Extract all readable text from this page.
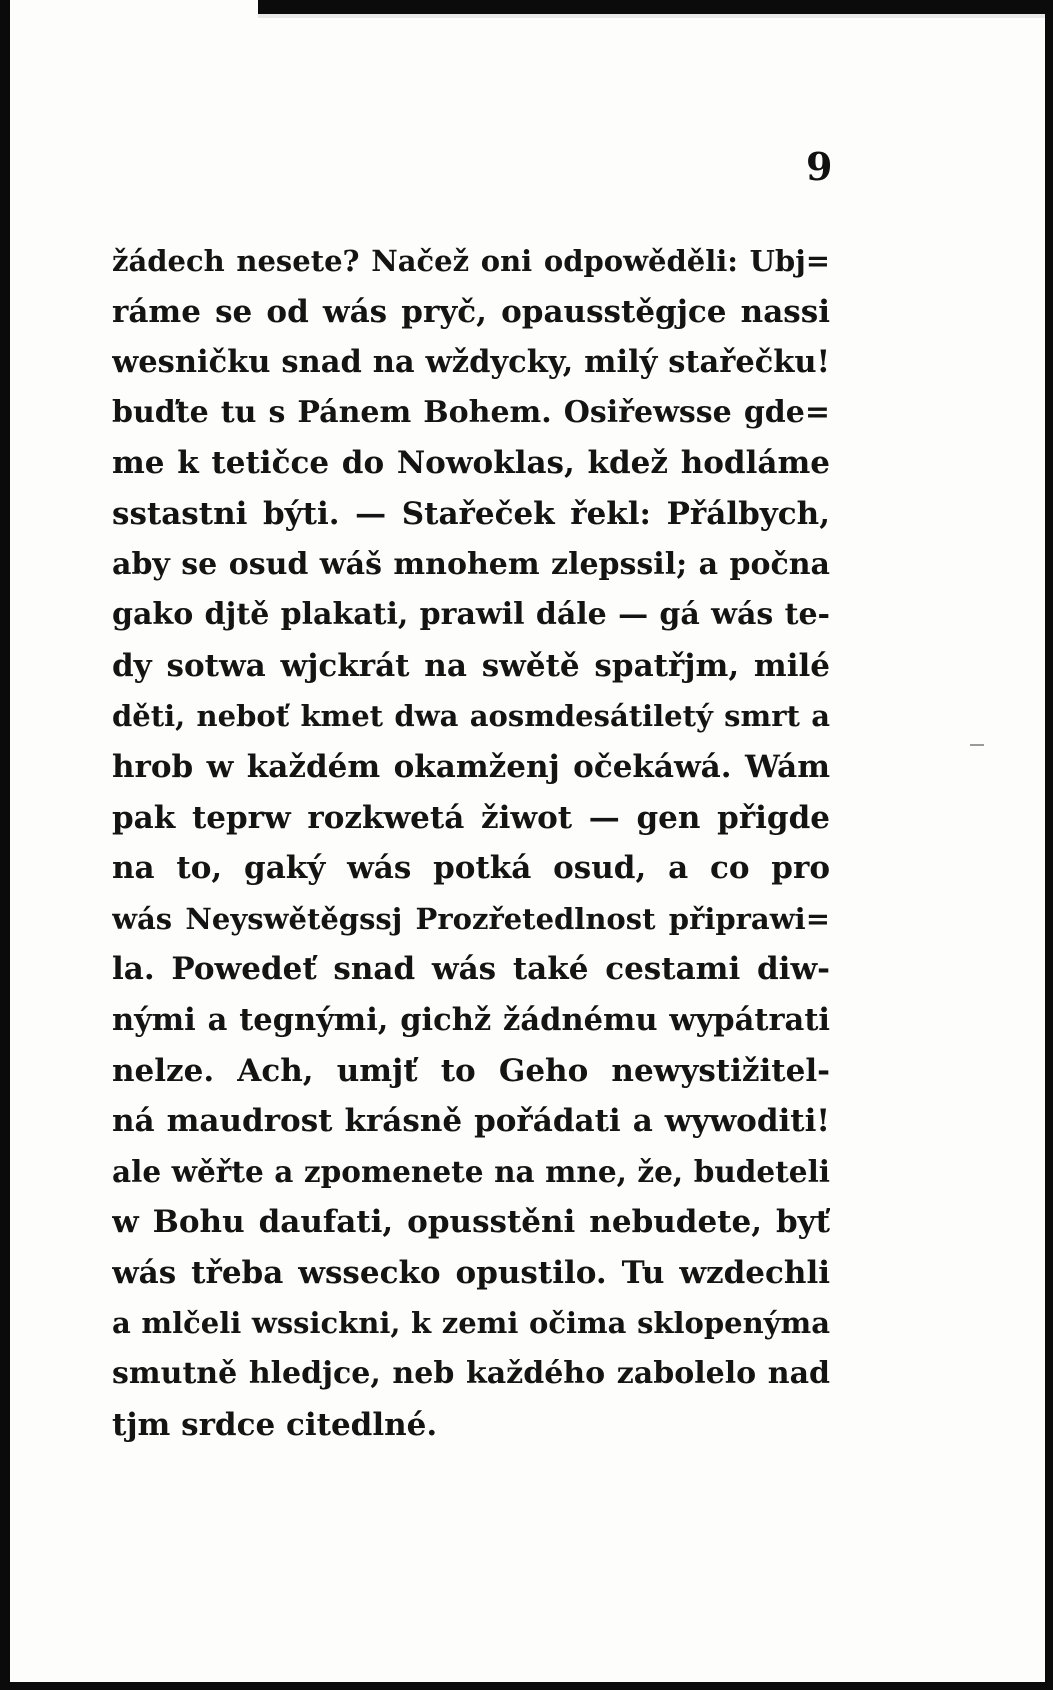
9
žádech nesete? Načež oni odpowěděli: Ubj=
ráme se od wás pryč, opausstěgjce nassi
wesničku snad na wždycky, milý stařečku!
buďte tu s Pánem Bohem. Osiřewsse gde=
me k tetičce do Nowoklas, kdež hodláme
sstastni býti. — Stařeček řekl: Přálbych,
aby se osud wáš mnohem zlepssil; a počna
gako djtě plakati, prawil dále — gá wás te-
dy sotwa wjckrát na swětě spatřjm, milé
děti, neboť kmet dwa aosmdesátiletý smrt a
hrob w každém okamženj očekáwá. Wám
pak teprw rozkwetá žiwot — gen přigde
na to, gaký wás potká osud, a co pro
wás Neyswětěgssj Prozřetedlnost připrawi=
la. Powedeť snad wás také cestami diw-
nými a tegnými, gichž žádnému wypátrati
nelze. Ach, umjť to Geho newystižitel-
ná maudrost krásně pořádati a wywoditi!
ale wěřte a zpomenete na mne, že, budeteli
w Bohu daufati, opusstěni nebudete, byť
wás třeba wssecko opustilo. Tu wzdechli
a mlčeli wssickni, k zemi očima sklopenýma
smutně hledjce, neb každého zabolelo nad
tjm srdce citedlné.
